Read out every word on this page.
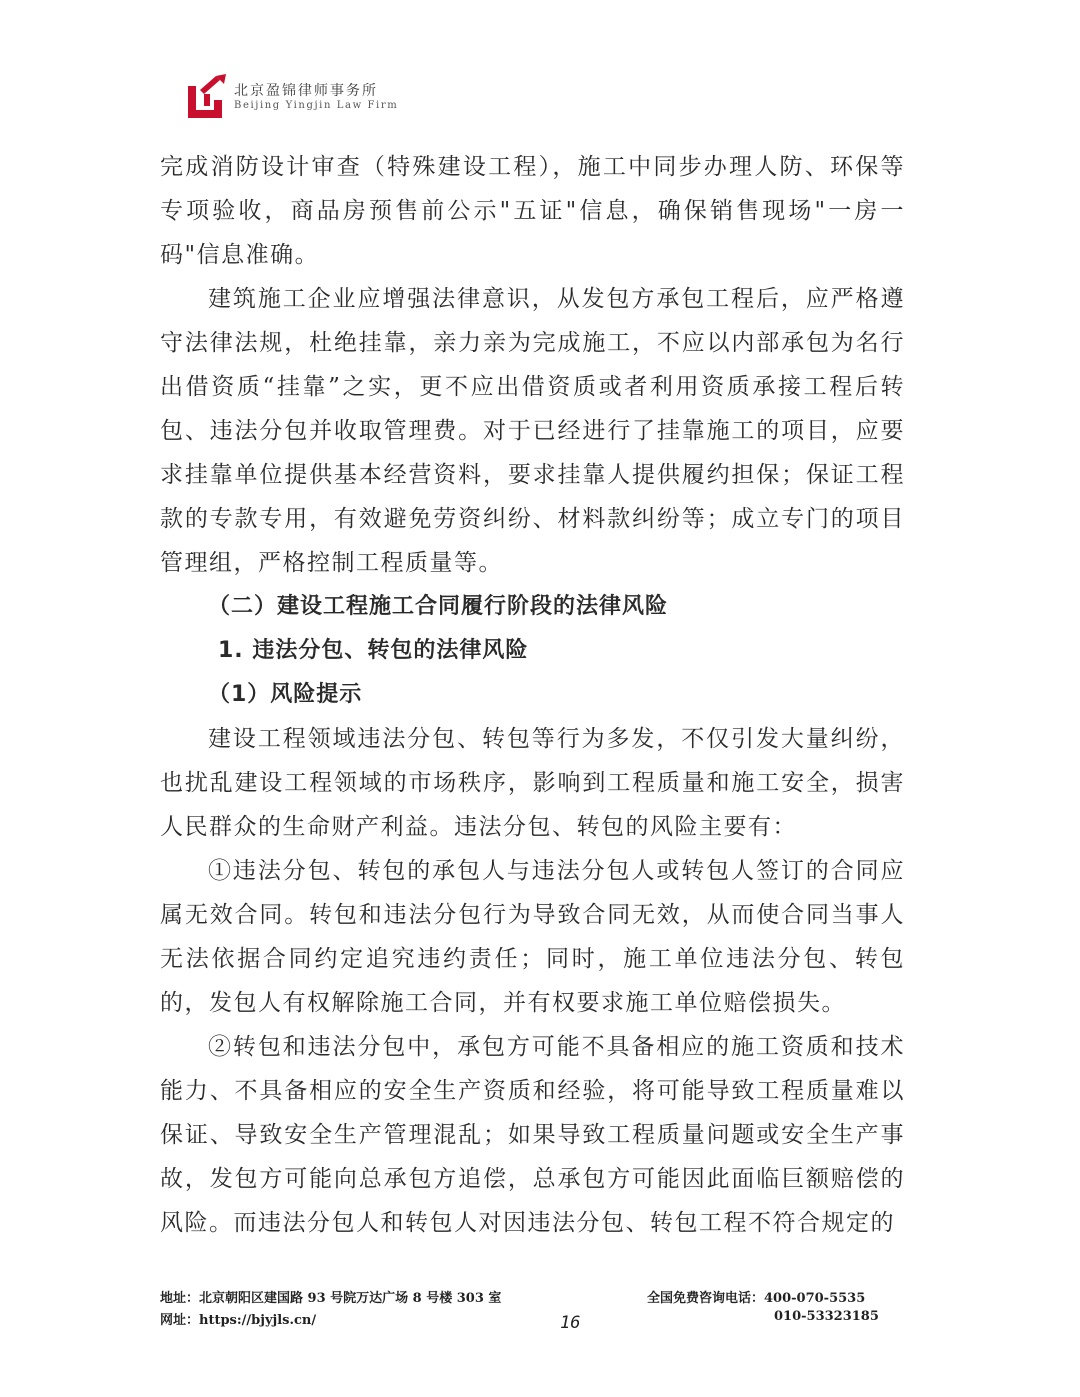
北京盈锦律师事务所
Beijing Yingjin Law Firm

完成消防设计审查（特殊建设工程），施工中同步办理人防、环保等专项验收，商品房预售前公示"五证"信息，确保销售现场"一房一码"信息准确。

建筑施工企业应增强法律意识，从发包方承包工程后，应严格遵守法律法规，杜绝挂靠，亲力亲为完成施工，不应以内部承包为名行出借资质“挂靠”之实，更不应出借资质或者利用资质承接工程后转包、违法分包并收取管理费。对于已经进行了挂靠施工的项目，应要求挂靠单位提供基本经营资料，要求挂靠人提供履约担保；保证工程款的专款专用，有效避免劳资纠纷、材料款纠纷等；成立专门的项目管理组，严格控制工程质量等。

（二）建设工程施工合同履行阶段的法律风险

1. 违法分包、转包的法律风险

（1）风险提示

建设工程领域违法分包、转包等行为多发，不仅引发大量纠纷，也扰乱建设工程领域的市场秩序，影响到工程质量和施工安全，损害人民群众的生命财产利益。违法分包、转包的风险主要有：

①违法分包、转包的承包人与违法分包人或转包人签订的合同应属无效合同。转包和违法分包行为导致合同无效，从而使合同当事人无法依据合同约定追究违约责任；同时，施工单位违法分包、转包的，发包人有权解除施工合同，并有权要求施工单位赔偿损失。

②转包和违法分包中，承包方可能不具备相应的施工资质和技术能力、不具备相应的安全生产资质和经验，将可能导致工程质量难以保证、导致安全生产管理混乱；如果导致工程质量问题或安全生产事故，发包方可能向总承包方追偿，总承包方可能因此面临巨额赔偿的风险。而违法分包人和转包人对因违法分包、转包工程不符合规定的

地址：北京朝阳区建国路 93 号院万达广场 8 号楼 303 室
网址：https://bjyjls.cn/
全国免费咨询电话：400-070-5535
010-53323185
16
